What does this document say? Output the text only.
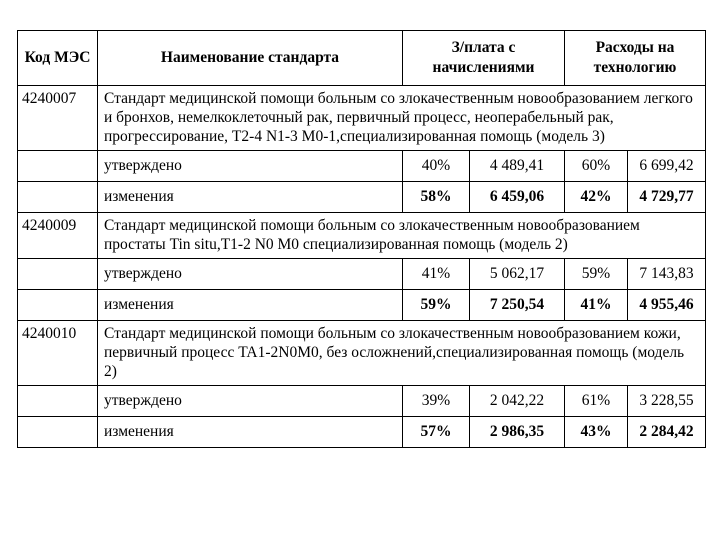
Код МЭС	Наименование стандарта	З/плата с начислениями		Расходы на технологию	
4240007	Стандарт медицинской помощи больным со злокачественным новообразованием легкого и бронхов, немелкоклеточный рак, первичный процесс, неоперабельный рак, прогрессирование, T2-4 N1-3 M0-1,специализированная помощь (модель 3)				
	утверждено	40%	4 489,41	60%	6 699,42
	изменения	58%	6 459,06	42%	4 729,77
4240009	Стандарт медицинской помощи больным со злокачественным новообразованием простаты Tin situ,T1-2 N0 M0 специализированная помощь (модель 2)				
	утверждено	41%	5 062,17	59%	7 143,83
	изменения	59%	7 250,54	41%	4 955,46
4240010	Стандарт медицинской помощи больным со злокачественным новообразованием кожи, первичный процесс TA1-2N0M0, без осложнений,специализированная помощь (модель 2)				
	утверждено	39%	2 042,22	61%	3 228,55
	изменения	57%	2 986,35	43%	2 284,42
